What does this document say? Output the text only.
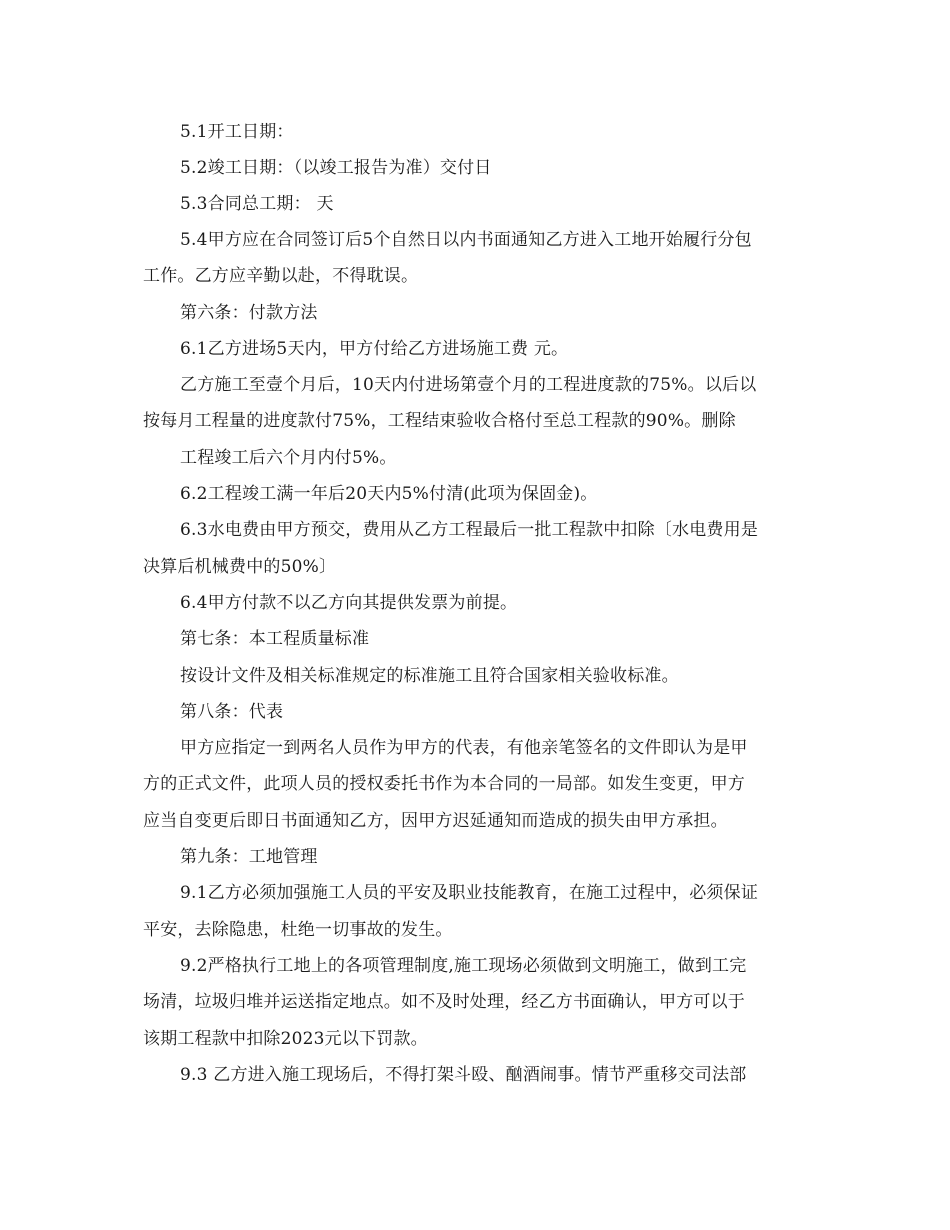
5.1开工日期：
5.2竣工日期：（以竣工报告为准）交付日
5.3合同总工期： 天
5.4甲方应在合同签订后5个自然日以内书面通知乙方进入工地开始履行分包
工作。乙方应辛勤以赴，不得耽误。
第六条：付款方法
6.1乙方进场5天内，甲方付给乙方进场施工费 元。
乙方施工至壹个月后，10天内付进场第壹个月的工程进度款的75%。以后以
按每月工程量的进度款付75%，工程结束验收合格付至总工程款的90%。删除
工程竣工后六个月内付5%。
6.2工程竣工满一年后20天内5%付清(此项为保固金)。
6.3水电费由甲方预交，费用从乙方工程最后一批工程款中扣除〔水电费用是
决算后机械费中的50%〕
6.4甲方付款不以乙方向其提供发票为前提。
第七条：本工程质量标准
按设计文件及相关标准规定的标准施工且符合国家相关验收标准。
第八条：代表
甲方应指定一到两名人员作为甲方的代表，有他亲笔签名的文件即认为是甲
方的正式文件，此项人员的授权委托书作为本合同的一局部。如发生变更，甲方
应当自变更后即日书面通知乙方，因甲方迟延通知而造成的损失由甲方承担。
第九条：工地管理
9.1乙方必须加强施工人员的平安及职业技能教育，在施工过程中，必须保证
平安，去除隐患，杜绝一切事故的发生。
9.2严格执行工地上的各项管理制度,施工现场必须做到文明施工，做到工完
场清，垃圾归堆并运送指定地点。如不及时处理，经乙方书面确认，甲方可以于
该期工程款中扣除2023元以下罚款。
9.3 乙方进入施工现场后，不得打架斗殴、酗酒闹事。情节严重移交司法部
